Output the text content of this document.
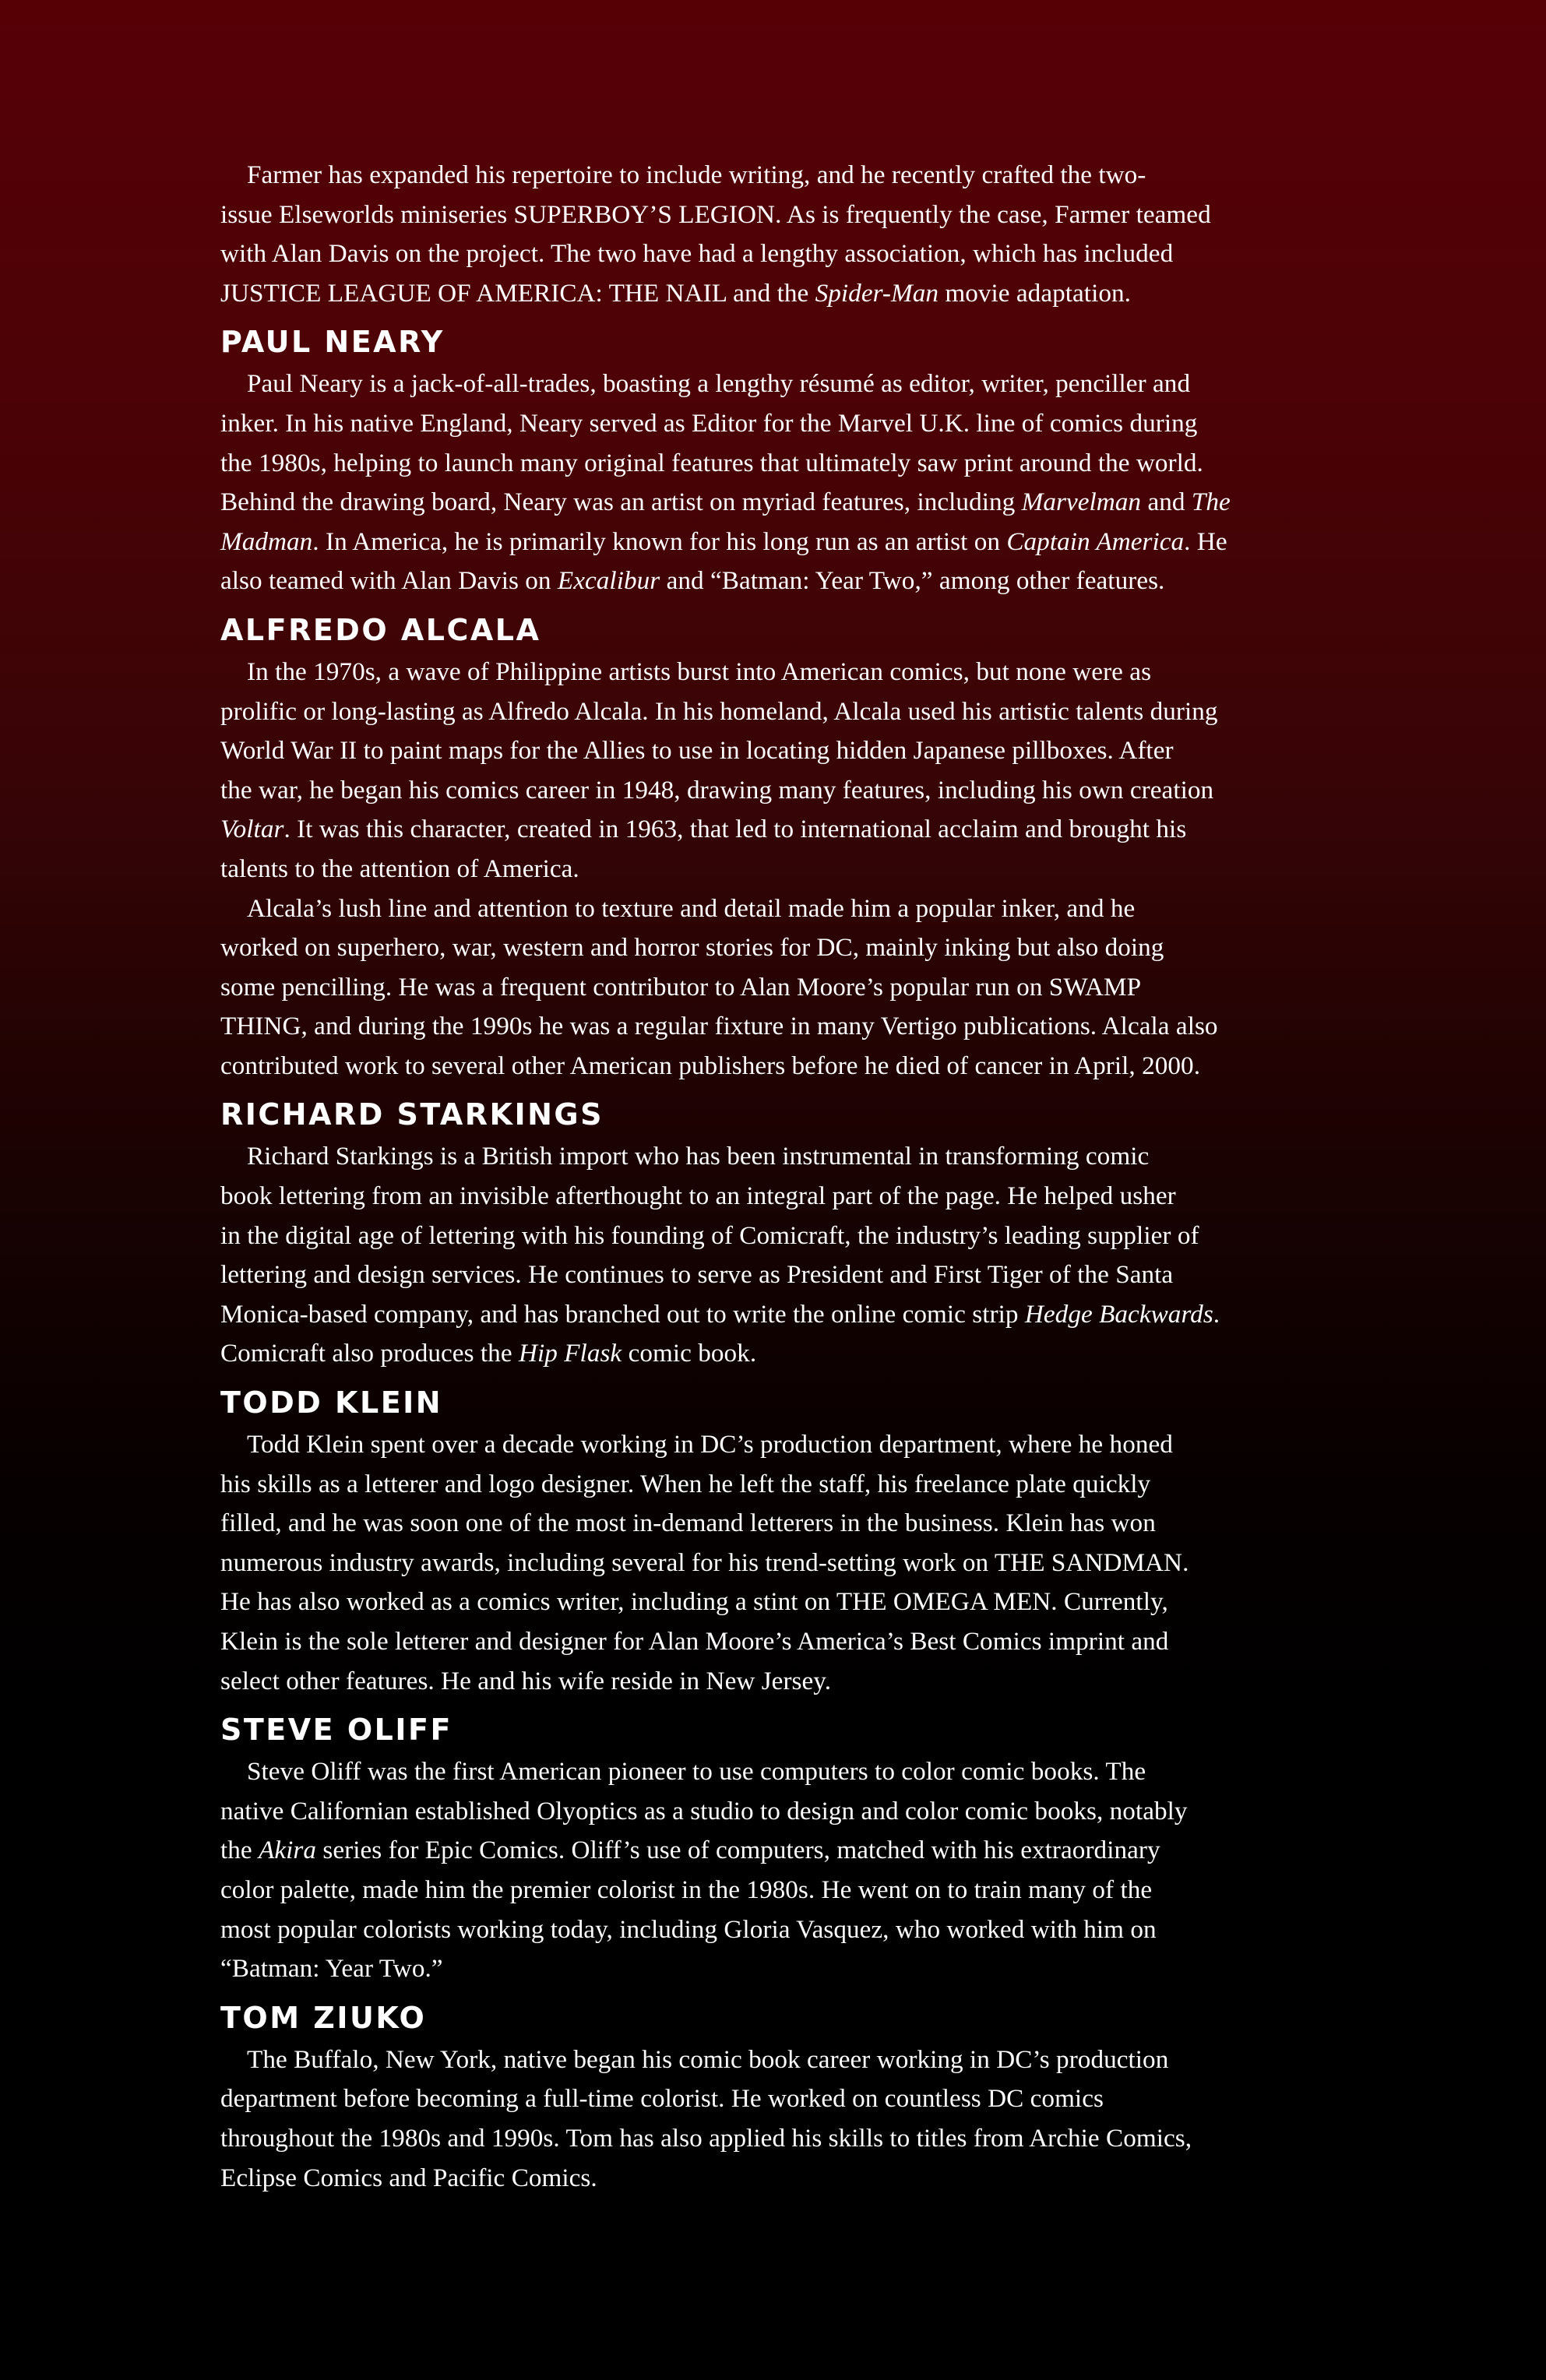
Farmer has expanded his repertoire to include writing, and he recently crafted the two-
issue Elseworlds miniseries SUPERBOY’S LEGION. As is frequently the case, Farmer teamed
with Alan Davis on the project. The two have had a lengthy association, which has included
JUSTICE LEAGUE OF AMERICA: THE NAIL and the Spider-Man movie adaptation.

PAUL NEARY

Paul Neary is a jack-of-all-trades, boasting a lengthy résumé as editor, writer, penciller and
inker. In his native England, Neary served as Editor for the Marvel U.K. line of comics during
the 1980s, helping to launch many original features that ultimately saw print around the world.
Behind the drawing board, Neary was an artist on myriad features, including Marvelman and The
Madman. In America, he is primarily known for his long run as an artist on Captain America. He
also teamed with Alan Davis on Excalibur and “Batman: Year Two,” among other features.

ALFREDO ALCALA

In the 1970s, a wave of Philippine artists burst into American comics, but none were as
prolific or long-lasting as Alfredo Alcala. In his homeland, Alcala used his artistic talents during
World War II to paint maps for the Allies to use in locating hidden Japanese pillboxes. After
the war, he began his comics career in 1948, drawing many features, including his own creation
Voltar. It was this character, created in 1963, that led to international acclaim and brought his
talents to the attention of America.

Alcala’s lush line and attention to texture and detail made him a popular inker, and he
worked on superhero, war, western and horror stories for DC, mainly inking but also doing
some pencilling. He was a frequent contributor to Alan Moore’s popular run on SWAMP
THING, and during the 1990s he was a regular fixture in many Vertigo publications. Alcala also
contributed work to several other American publishers before he died of cancer in April, 2000.

RICHARD STARKINGS

Richard Starkings is a British import who has been instrumental in transforming comic
book lettering from an invisible afterthought to an integral part of the page. He helped usher
in the digital age of lettering with his founding of Comicraft, the industry’s leading supplier of
lettering and design services. He continues to serve as President and First Tiger of the Santa
Monica-based company, and has branched out to write the online comic strip Hedge Backwards.
Comicraft also produces the Hip Flask comic book.

TODD KLEIN

Todd Klein spent over a decade working in DC’s production department, where he honed
his skills as a letterer and logo designer. When he left the staff, his freelance plate quickly
filled, and he was soon one of the most in-demand letterers in the business. Klein has won
numerous industry awards, including several for his trend-setting work on THE SANDMAN.
He has also worked as a comics writer, including a stint on THE OMEGA MEN. Currently,
Klein is the sole letterer and designer for Alan Moore’s America’s Best Comics imprint and
select other features. He and his wife reside in New Jersey.

STEVE OLIFF

Steve Oliff was the first American pioneer to use computers to color comic books. The
native Californian established Olyoptics as a studio to design and color comic books, notably
the Akira series for Epic Comics. Oliff’s use of computers, matched with his extraordinary
color palette, made him the premier colorist in the 1980s. He went on to train many of the
most popular colorists working today, including Gloria Vasquez, who worked with him on
“Batman: Year Two.”

TOM ZIUKO

The Buffalo, New York, native began his comic book career working in DC’s production
department before becoming a full-time colorist. He worked on countless DC comics
throughout the 1980s and 1990s. Tom has also applied his skills to titles from Archie Comics,
Eclipse Comics and Pacific Comics.
